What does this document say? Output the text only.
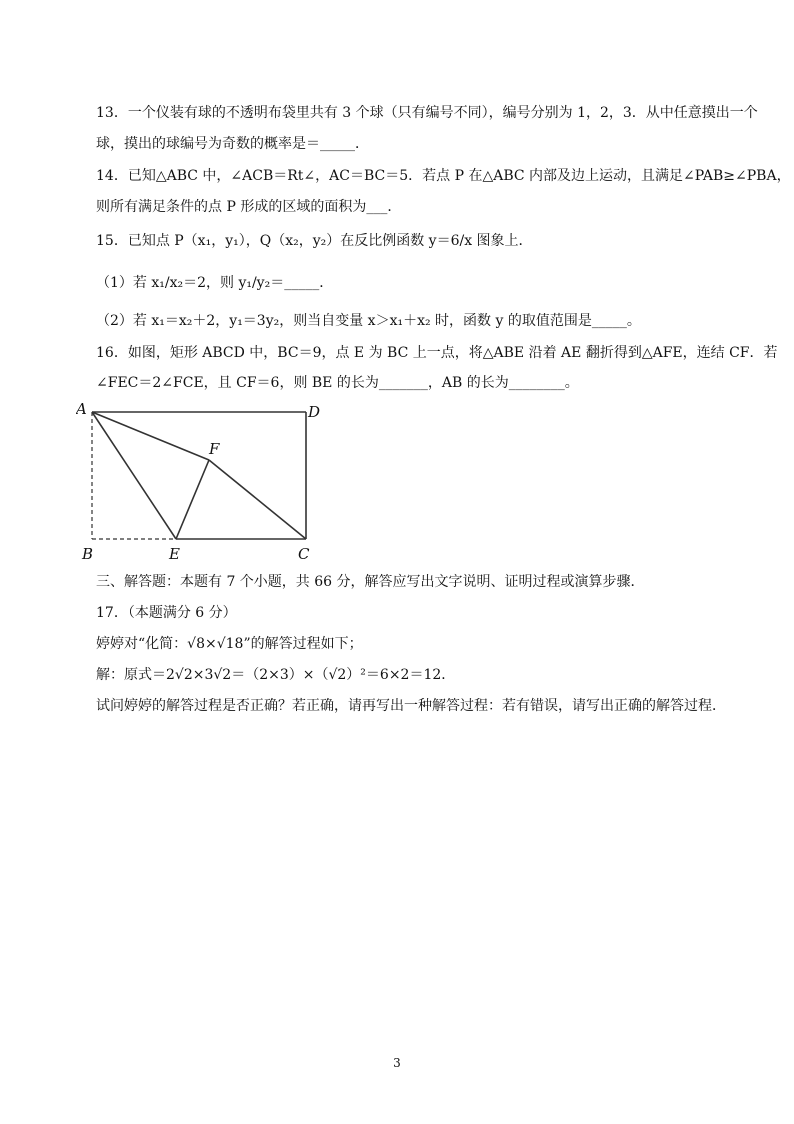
13．一个仪装有球的不透明布袋里共有 3 个球（只有编号不同），编号分别为 1，2，3．从中任意摸出一个
球，摸出的球编号为奇数的概率是＝_____．
14．已知△ABC 中，∠ACB＝Rt∠，AC＝BC＝5．若点 P 在△ABC 内部及边上运动，且满足∠PAB≥∠PBA，
则所有满足条件的点 P 形成的区域的面积为___．
15．已知点 P（x₁，y₁），Q（x₂，y₂）在反比例函数 y＝6/x 图象上．
（1）若 x₁/x₂＝2，则 y₁/y₂＝_____．
（2）若 x₁＝x₂＋2，y₁＝3y₂，则当自变量 x＞x₁＋x₂ 时，函数 y 的取值范围是_____。
16．如图，矩形 ABCD 中，BC＝9，点 E 为 BC 上一点，将△ABE 沿着 AE 翻折得到△AFE，连结 CF．若
∠FEC＝2∠FCE，且 CF＝6，则 BE 的长为_______，AB 的长为________。
A	D
F
B	E	C
三、解答题：本题有 7 个小题，共 66 分，解答应写出文字说明、证明过程或演算步骤．
17．（本题满分 6 分）
婷婷对“化简：√8×√18”的解答过程如下；
解：原式＝2√2×3√2＝（2×3）×（√2）²＝6×2＝12．
试问婷婷的解答过程是否正确？若正确，请再写出一种解答过程：若有错误，请写出正确的解答过程．
3
